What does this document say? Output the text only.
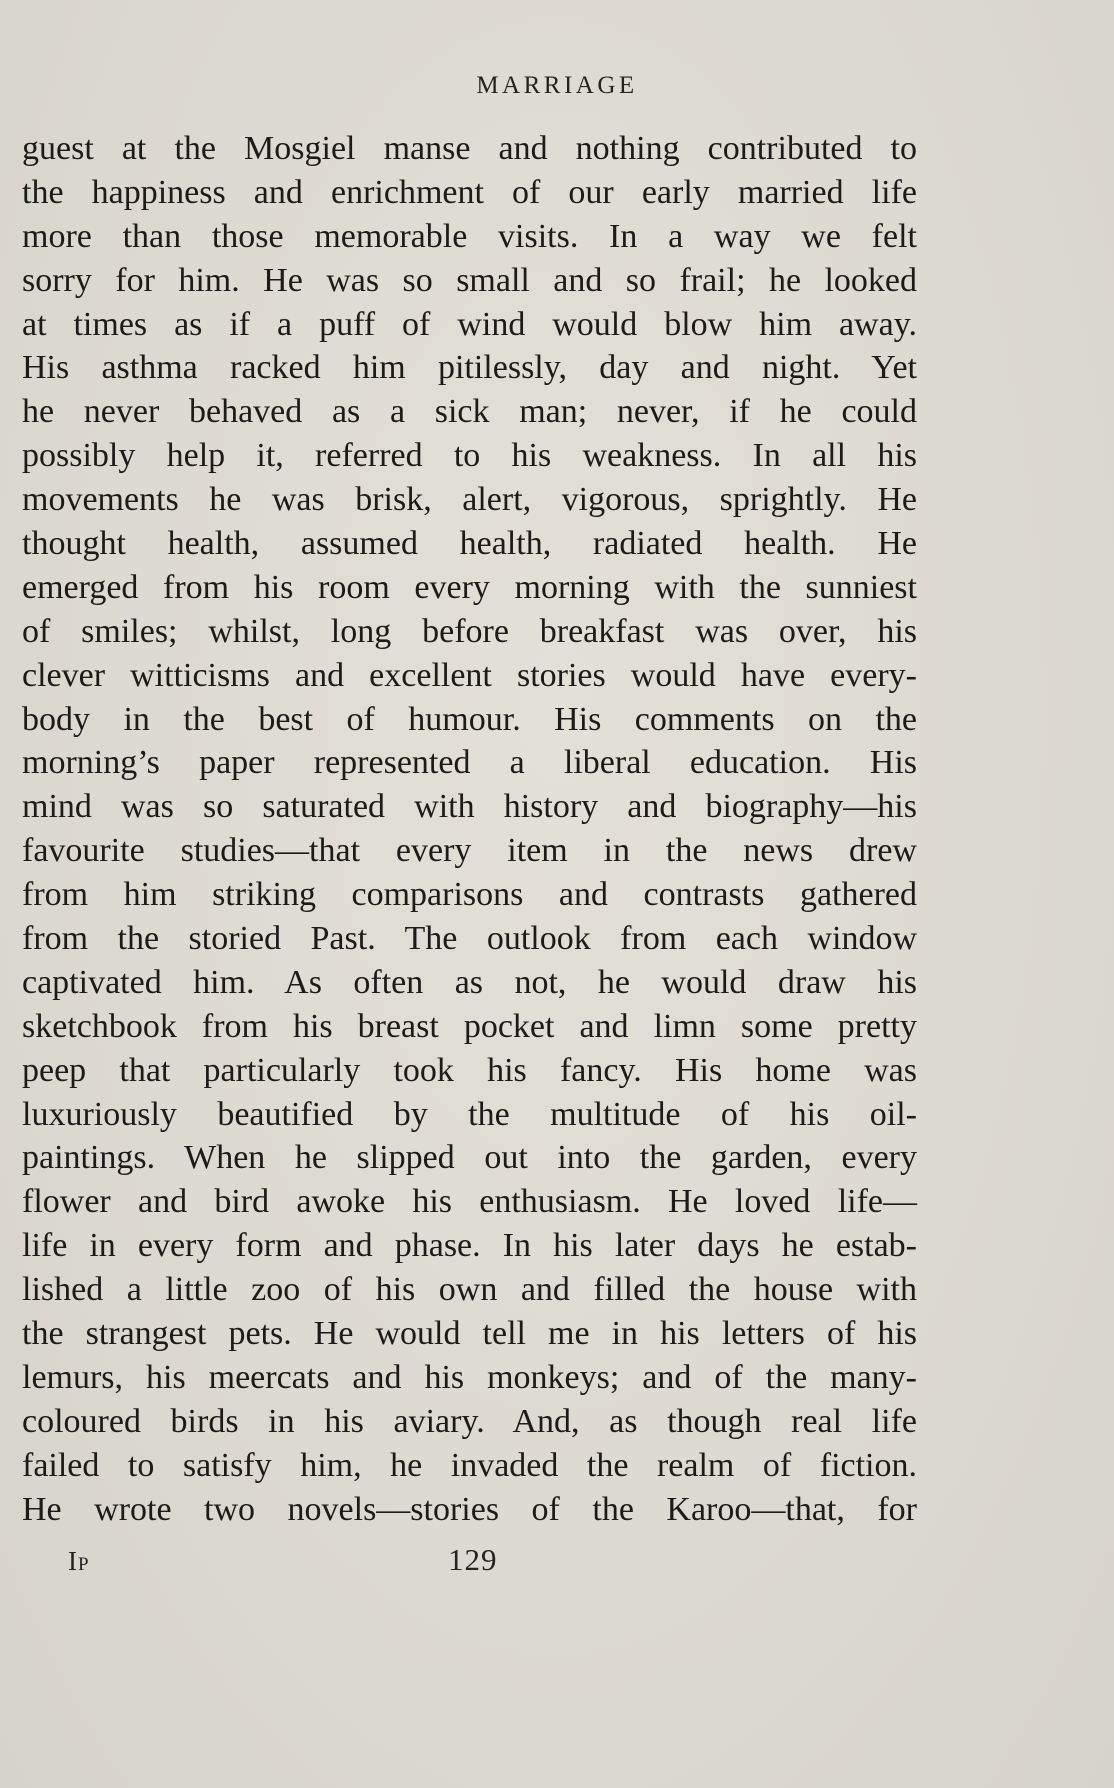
MARRIAGE
guest at the Mosgiel manse and nothing contributed to
the happiness and enrichment of our early married life
more than those memorable visits. In a way we felt
sorry for him. He was so small and so frail; he looked
at times as if a puff of wind would blow him away.
His asthma racked him pitilessly, day and night. Yet
he never behaved as a sick man; never, if he could
possibly help it, referred to his weakness. In all his
movements he was brisk, alert, vigorous, sprightly. He
thought health, assumed health, radiated health. He
emerged from his room every morning with the sunniest
of smiles; whilst, long before breakfast was over, his
clever witticisms and excellent stories would have every-
body in the best of humour. His comments on the
morning’s paper represented a liberal education. His
mind was so saturated with history and biography—his
favourite studies—that every item in the news drew
from him striking comparisons and contrasts gathered
from the storied Past. The outlook from each window
captivated him. As often as not, he would draw his
sketchbook from his breast pocket and limn some pretty
peep that particularly took his fancy. His home was
luxuriously beautified by the multitude of his oil-
paintings. When he slipped out into the garden, every
flower and bird awoke his enthusiasm. He loved life—
life in every form and phase. In his later days he estab-
lished a little zoo of his own and filled the house with
the strangest pets. He would tell me in his letters of his
lemurs, his meercats and his monkeys; and of the many-
coloured birds in his aviary. And, as though real life
failed to satisfy him, he invaded the realm of fiction.
He wrote two novels—stories of the Karoo—that, for
Ip	129
